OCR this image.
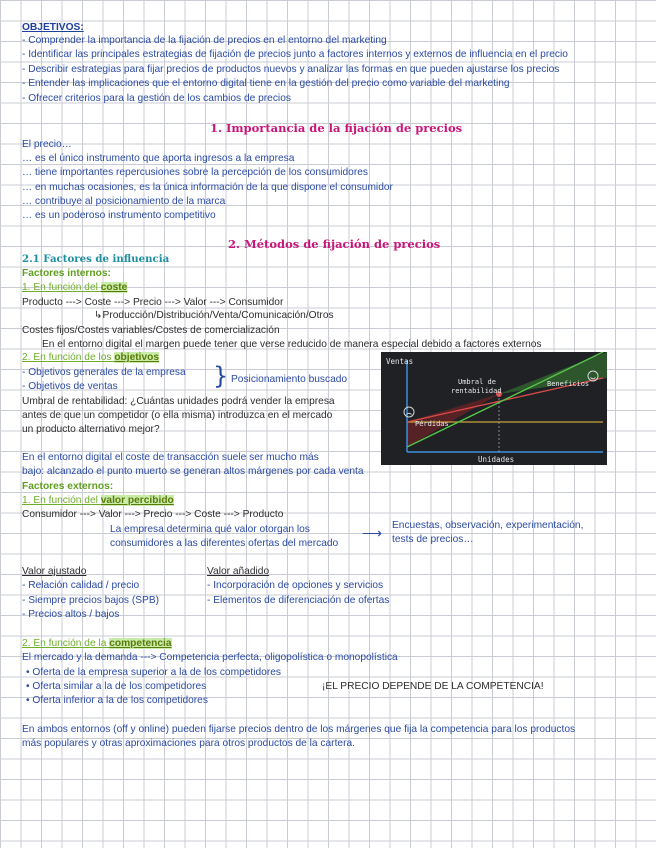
OBJETIVOS:
- Comprender la importancia de la fijación de precios en el entorno del marketing
- Identificar las principales estrategias de fijación de precios junto a factores internos y externos de influencia en el precio
- Describir estrategias para fijar precios de productos nuevos y analizar las formas en que pueden ajustarse los precios
- Entender las implicaciones que el entorno digital tiene en la gestión del precio como variable del marketing
- Ofrecer criterios para la gestión de los cambios de precios
1. Importancia de la fijación de precios
El precio…
… es el único instrumento que aporta ingresos a la empresa
… tiene importantes repercusiones sobre la percepción de los consumidores
… en muchas ocasiones, es la única información de la que dispone el consumidor
… contribuye al posicionamiento de la marca
… es un poderoso instrumento competitivo
2. Métodos de fijación de precios
2.1 Factores de influencia
Factores internos:
1. En función del coste
Producto ---> Coste ---> Precio ---> Valor ---> Consumidor
↳Producción/Distribución/Venta/Comunicación/Otros
Costes fijos/Costes variables/Costes de comercialización
En el entorno digital el margen puede tener que verse reducido de manera especial debido a factores externos
2. En función de los objetivos
- Objetivos generales de la empresa
- Objetivos de ventas	} Posicionamiento buscado
Umbral de rentabilidad: ¿Cuántas unidades podrá vender la empresa
antes de que un competidor (o ella misma) introduzca en el mercado
un producto alternativo mejor?
En el entorno digital el coste de transacción suele ser mucho más
bajo: alcanzado el punto muerto se generan altos márgenes por cada venta
Ventas
Umbral de
rentabilidad
Beneficios
Pérdidas
Unidades
Factores externos:
1. En función del valor percibido
Consumidor ---> Valor ---> Precio ---> Coste ---> Producto
La empresa determina qué valor otorgan los
consumidores a las diferentes ofertas del mercado
⟶ Encuestas, observación, experimentación,
tests de precios…
Valor ajustado
- Relación calidad / precio
- Siempre precios bajos (SPB)
- Precios altos / bajos
Valor añadido
- Incorporación de opciones y servicios
- Elementos de diferenciación de ofertas
2. En función de la competencia
El mercado y la demanda ---> Competencia perfecta, oligopolística o monopolística
• Oferta de la empresa superior a la de los competidores
• Oferta similar a la de los competidores
• Oferta inferior a la de los competidores
¡EL PRECIO DEPENDE DE LA COMPETENCIA!
En ambos entornos (off y online) pueden fijarse precios dentro de los márgenes que fija la competencia para los productos
más populares y otras aproximaciones para otros productos de la cartera.
